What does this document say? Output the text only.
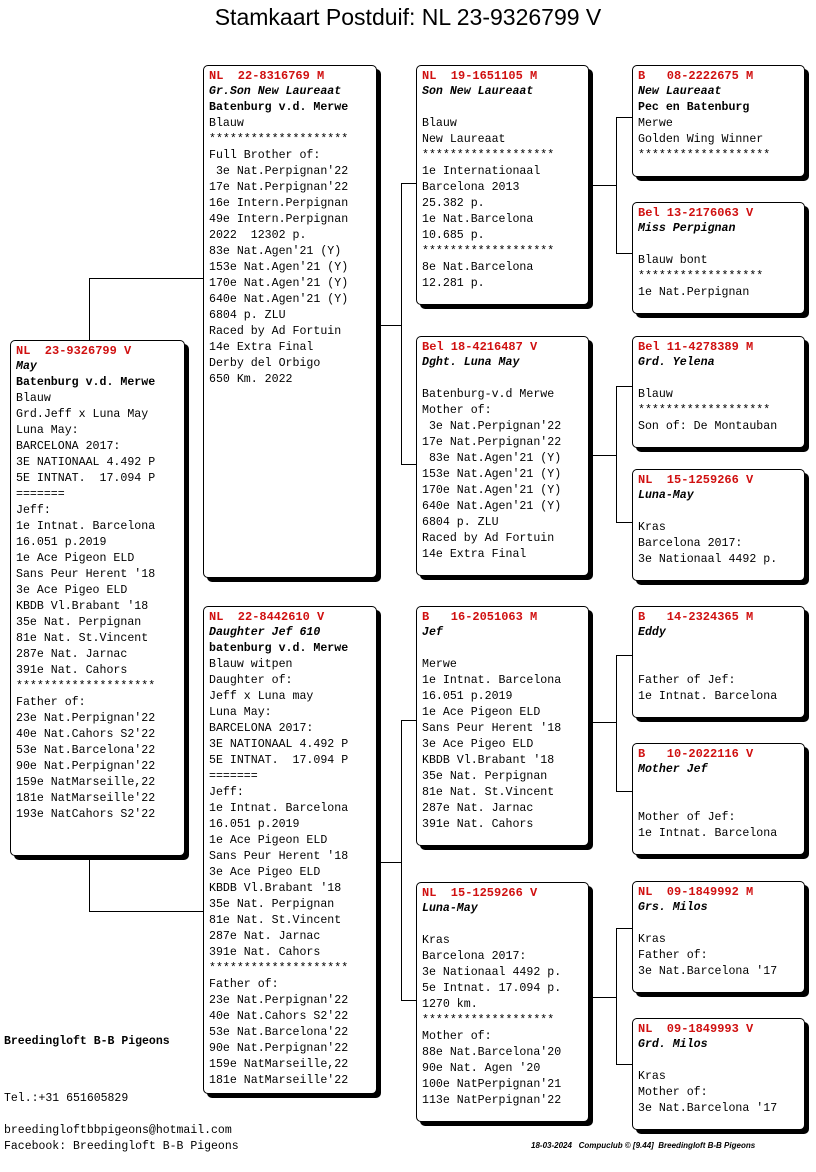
Stamkaart Postduif: NL 23-9326799 V
NL  23-9326799 V
May
Batenburg v.d. Merwe
Blauw
Grd.Jeff x Luna May
Luna May:
BARCELONA 2017:
3E NATIONAAL 4.492 P
5E INTNAT.  17.094 P
=======
Jeff:
1e Intnat. Barcelona
16.051 p.2019
1e Ace Pigeon ELD
Sans Peur Herent '18
3e Ace Pigeo ELD
KBDB Vl.Brabant '18
35e Nat. Perpignan
81e Nat. St.Vincent
287e Nat. Jarnac
391e Nat. Cahors
********************
Father of:
23e Nat.Perpignan'22
40e Nat.Cahors S2'22
53e Nat.Barcelona'22
90e Nat.Perpignan'22
159e NatMarseille,22
181e NatMarseille'22
193e NatCahors S2'22
NL  22-8316769 M
Gr.Son New Laureaat
Batenburg v.d. Merwe
Blauw
********************
Full Brother of:
3e Nat.Perpignan'22
17e Nat.Perpignan'22
16e Intern.Perpignan
49e Intern.Perpignan
2022  12302 p.
83e Nat.Agen'21 (Y)
153e Nat.Agen'21 (Y)
170e Nat.Agen'21 (Y)
640e Nat.Agen'21 (Y)
6804 p. ZLU
Raced by Ad Fortuin
14e Extra Final
Derby del Orbigo
650 Km. 2022
NL  22-8442610 V
Daughter Jef 610
batenburg v.d. Merwe
Blauw witpen
Daughter of:
Jeff x Luna may
Luna May:
BARCELONA 2017:
3E NATIONAAL 4.492 P
5E INTNAT.  17.094 P
=======
Jeff:
1e Intnat. Barcelona
16.051 p.2019
1e Ace Pigeon ELD
Sans Peur Herent '18
3e Ace Pigeo ELD
KBDB Vl.Brabant '18
35e Nat. Perpignan
81e Nat. St.Vincent
287e Nat. Jarnac
391e Nat. Cahors
********************
Father of:
23e Nat.Perpignan'22
40e Nat.Cahors S2'22
53e Nat.Barcelona'22
90e Nat.Perpignan'22
159e NatMarseille,22
181e NatMarseille'22
NL  19-1651105 M
Son New Laureaat

Blauw
New Laureaat
*******************
1e Internationaal
Barcelona 2013
25.382 p.
1e Nat.Barcelona
10.685 p.
*******************
8e Nat.Barcelona
12.281 p.
Bel 18-4216487 V
Dght. Luna May

Batenburg-v.d Merwe
Mother of:
3e Nat.Perpignan'22
17e Nat.Perpignan'22
83e Nat.Agen'21 (Y)
153e Nat.Agen'21 (Y)
170e Nat.Agen'21 (Y)
640e Nat.Agen'21 (Y)
6804 p. ZLU
Raced by Ad Fortuin
14e Extra Final
B   16-2051063 M
Jef

Merwe
1e Intnat. Barcelona
16.051 p.2019
1e Ace Pigeon ELD
Sans Peur Herent '18
3e Ace Pigeo ELD
KBDB Vl.Brabant '18
35e Nat. Perpignan
81e Nat. St.Vincent
287e Nat. Jarnac
391e Nat. Cahors
NL  15-1259266 V
Luna-May

Kras
Barcelona 2017:
3e Nationaal 4492 p.
5e Intnat. 17.094 p.
1270 km.
*******************
Mother of:
88e Nat.Barcelona'20
90e Nat. Agen '20
100e NatPerpignan'21
113e NatPerpignan'22
B   08-2222675 M
New Laureaat
Pec en Batenburg
Merwe
Golden Wing Winner
*******************
Bel 13-2176063 V
Miss Perpignan

Blauw bont
******************
1e Nat.Perpignan
Bel 11-4278389 M
Grd. Yelena

Blauw
*******************
Son of: De Montauban
NL  15-1259266 V
Luna-May

Kras
Barcelona 2017:
3e Nationaal 4492 p.
B   14-2324365 M
Eddy

Father of Jef:
1e Intnat. Barcelona
B   10-2022116 V
Mother Jef

Mother of Jef:
1e Intnat. Barcelona
NL  09-1849992 M
Grs. Milos

Kras
Father of:
3e Nat.Barcelona '17
NL  09-1849993 V
Grd. Milos

Kras
Mother of:
3e Nat.Barcelona '17
Breedingloft B-B Pigeons
Tel.:+31 651605829
breedingloftbbpigeons@hotmail.com
Facebook: Breedingloft B-B Pigeons	18-03-2024   Compuclub © [9.44]  Breedingloft B-B Pigeons
